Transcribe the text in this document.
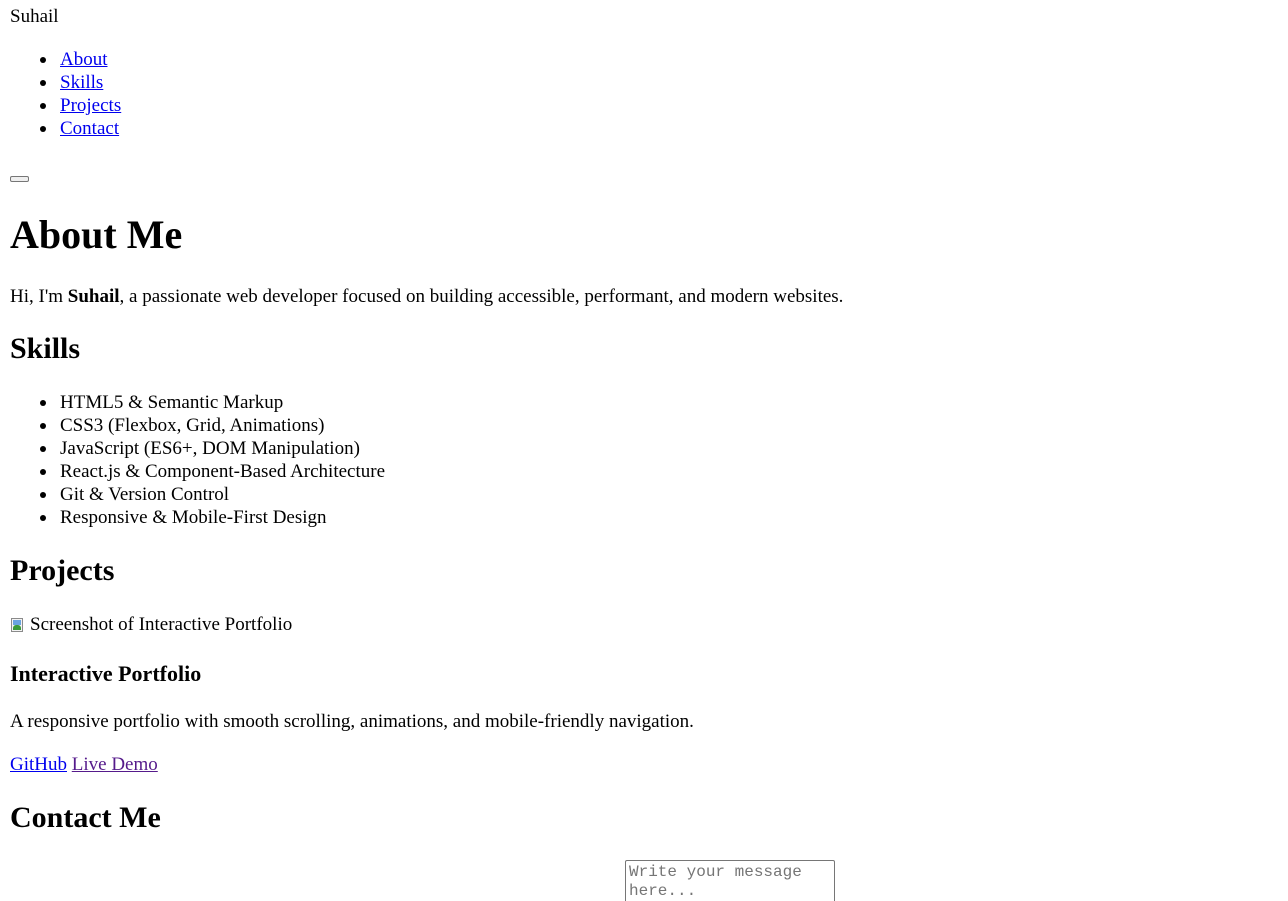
Suhail
About
Skills
Projects
Contact
About Me

Hi, I'm Suhail, a passionate web developer focused on building accessible, performant, and modern websites.

Skills
HTML5 & Semantic Markup
CSS3 (Flexbox, Grid, Animations)
JavaScript (ES6+, DOM Manipulation)
React.js & Component-Based Architecture
Git & Version Control
Responsive & Mobile-First Design
Projects
Screenshot of Interactive Portfolio
Interactive Portfolio

A responsive portfolio with smooth scrolling, animations, and mobile-friendly navigation.

GitHub Live Demo

Contact Me
Write your message here...
